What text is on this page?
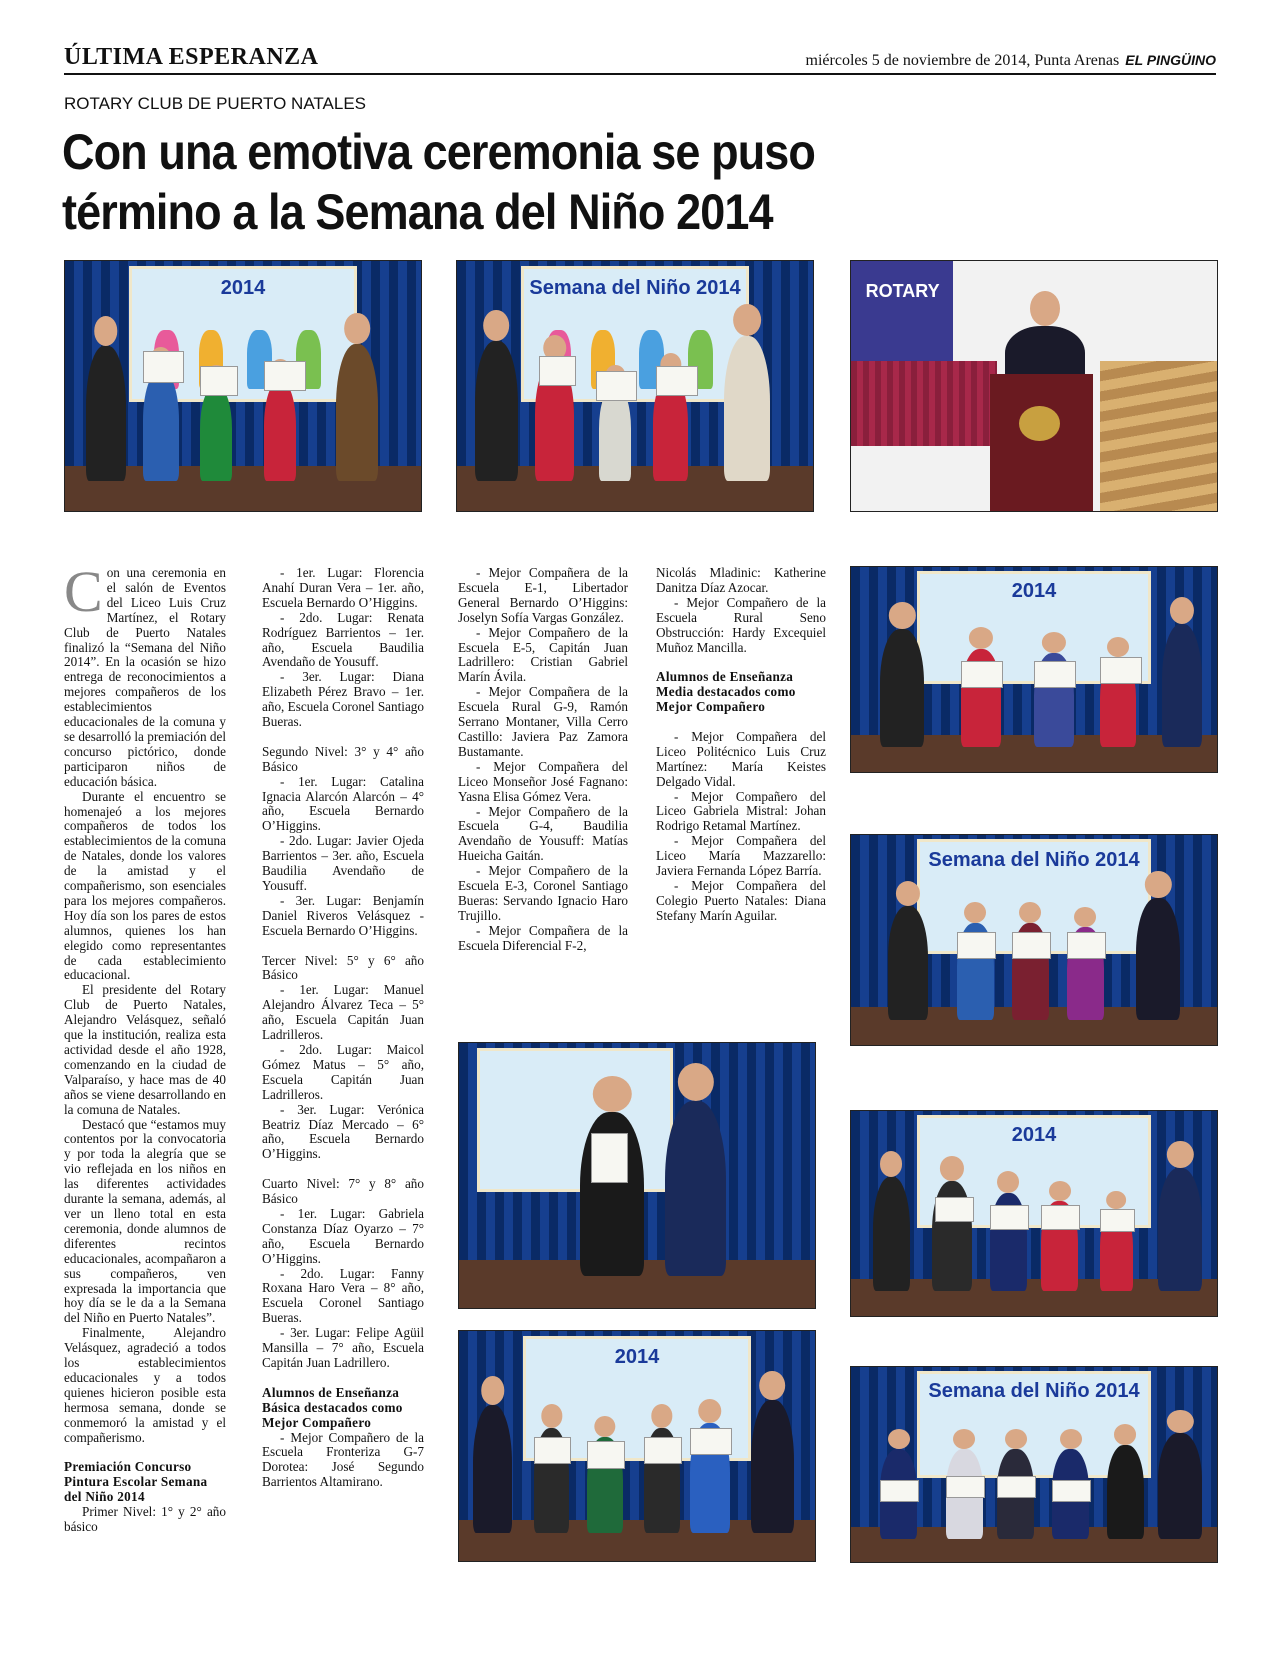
ÚLTIMA ESPERANZA	miércoles 5 de noviembre de 2014, Punta Arenas EL PINGÜINO
ROTARY CLUB DE PUERTO NATALES
Con una emotiva ceremonia se puso
término a la Semana del Niño 2014
2014	Semana del Niño 2014	ROTARY
2014
Semana del Niño 2014
2014
2014
Semana del Niño 2014
C on una ceremonia en el salón de Eventos del Liceo Luis Cruz Martínez, el Rotary Club de Puerto Natales finalizó la “Semana del Niño 2014”. En la ocasión se hizo entrega de reconocimientos a mejores compañeros de los establecimientos educacionales de la comuna y se desarrolló la premiación del concurso pictórico, donde participaron niños de educación básica.

Durante el encuentro se homenajeó a los mejores compañeros de todos los establecimientos de la comuna de Natales, donde los valores de la amistad y el compañerismo, son esenciales para los mejores compañeros. Hoy día son los pares de estos alumnos, quienes los han elegido como representantes de cada establecimiento educacional.

El presidente del Rotary Club de Puerto Natales, Alejandro Velásquez, señaló que la institución, realiza esta actividad desde el año 1928, comenzando en la ciudad de Valparaíso, y hace mas de 40 años se viene desarrollando en la comuna de Natales.

Destacó que “estamos muy contentos por la convocatoria y por toda la alegría que se vio reflejada en los niños en las diferentes actividades durante la semana, además, al ver un lleno total en esta ceremonia, donde alumnos de diferentes recintos educacionales, acompañaron a sus compañeros, ven expresada la importancia que hoy día se le da a la Semana del Niño en Puerto Natales”.

Finalmente, Alejandro Velásquez, agradeció a todos los establecimientos educacionales y a todos quienes hicieron posible esta hermosa semana, donde se conmemoró la amistad y el compañerismo.

Premiación Concurso Pintura Escolar Semana del Niño 2014

Primer Nivel: 1° y 2° año básico

- 1er. Lugar: Florencia Anahí Duran Vera – 1er. año, Escuela Bernardo O’Higgins.

- 2do. Lugar: Renata Rodríguez Barrientos – 1er. año, Escuela Baudilia Avendaño de Yousuff.

- 3er. Lugar: Diana Elizabeth Pérez Bravo – 1er. año, Escuela Coronel Santiago Bueras.

Segundo Nivel: 3° y 4° año Básico

- 1er. Lugar: Catalina Ignacia Alarcón Alarcón – 4° año, Escuela Bernardo O’Higgins.

- 2do. Lugar: Javier Ojeda Barrientos – 3er. año, Escuela Baudilia Avendaño de Yousuff.

- 3er. Lugar: Benjamín Daniel Riveros Velásquez - Escuela Bernardo O’Higgins.

Tercer Nivel: 5° y 6° año Básico

- 1er. Lugar: Manuel Alejandro Álvarez Teca – 5° año, Escuela Capitán Juan Ladrilleros.

- 2do. Lugar: Maicol Gómez Matus – 5° año, Escuela Capitán Juan Ladrilleros.

- 3er. Lugar: Verónica Beatriz Díaz Mercado – 6° año, Escuela Bernardo O’Higgins.

Cuarto Nivel: 7° y 8° año Básico

- 1er. Lugar: Gabriela Constanza Díaz Oyarzo – 7° año, Escuela Bernardo O’Higgins.

- 2do. Lugar: Fanny Roxana Haro Vera – 8° año, Escuela Coronel Santiago Bueras.

- 3er. Lugar: Felipe Agüil Mansilla – 7° año, Escuela Capitán Juan Ladrillero.

Alumnos de Enseñanza Básica destacados como Mejor Compañero

- Mejor Compañero de la Escuela Fronteriza G-7 Dorotea: José Segundo Barrientos Altamirano.

- Mejor Compañera de la Escuela E-1, Libertador General Bernardo O’Higgins: Joselyn Sofía Vargas González.

- Mejor Compañero de la Escuela E-5, Capitán Juan Ladrillero: Cristian Gabriel Marín Ávila.

- Mejor Compañera de la Escuela Rural G-9, Ramón Serrano Montaner, Villa Cerro Castillo: Javiera Paz Zamora Bustamante.

- Mejor Compañera del Liceo Monseñor José Fagnano: Yasna Elisa Gómez Vera.

- Mejor Compañero de la Escuela G-4, Baudilia Avendaño de Yousuff: Matías Hueicha Gaitán.

- Mejor Compañero de la Escuela E-3, Coronel Santiago Bueras: Servando Ignacio Haro Trujillo.

- Mejor Compañera de la Escuela Diferencial F-2,

Nicolás Mladinic: Katherine Danitza Díaz Azocar.

- Mejor Compañero de la Escuela Rural Seno Obstrucción: Hardy Excequiel Muñoz Mancilla.

Alumnos de Enseñanza Media destacados como Mejor Compañero

- Mejor Compañera del Liceo Politécnico Luis Cruz Martínez: María Keistes Delgado Vidal.

- Mejor Compañero del Liceo Gabriela Mistral: Johan Rodrigo Retamal Martínez.

- Mejor Compañera del Liceo María Mazzarello: Javiera Fernanda López Barría.

- Mejor Compañera del Colegio Puerto Natales: Diana Stefany Marín Aguilar.
